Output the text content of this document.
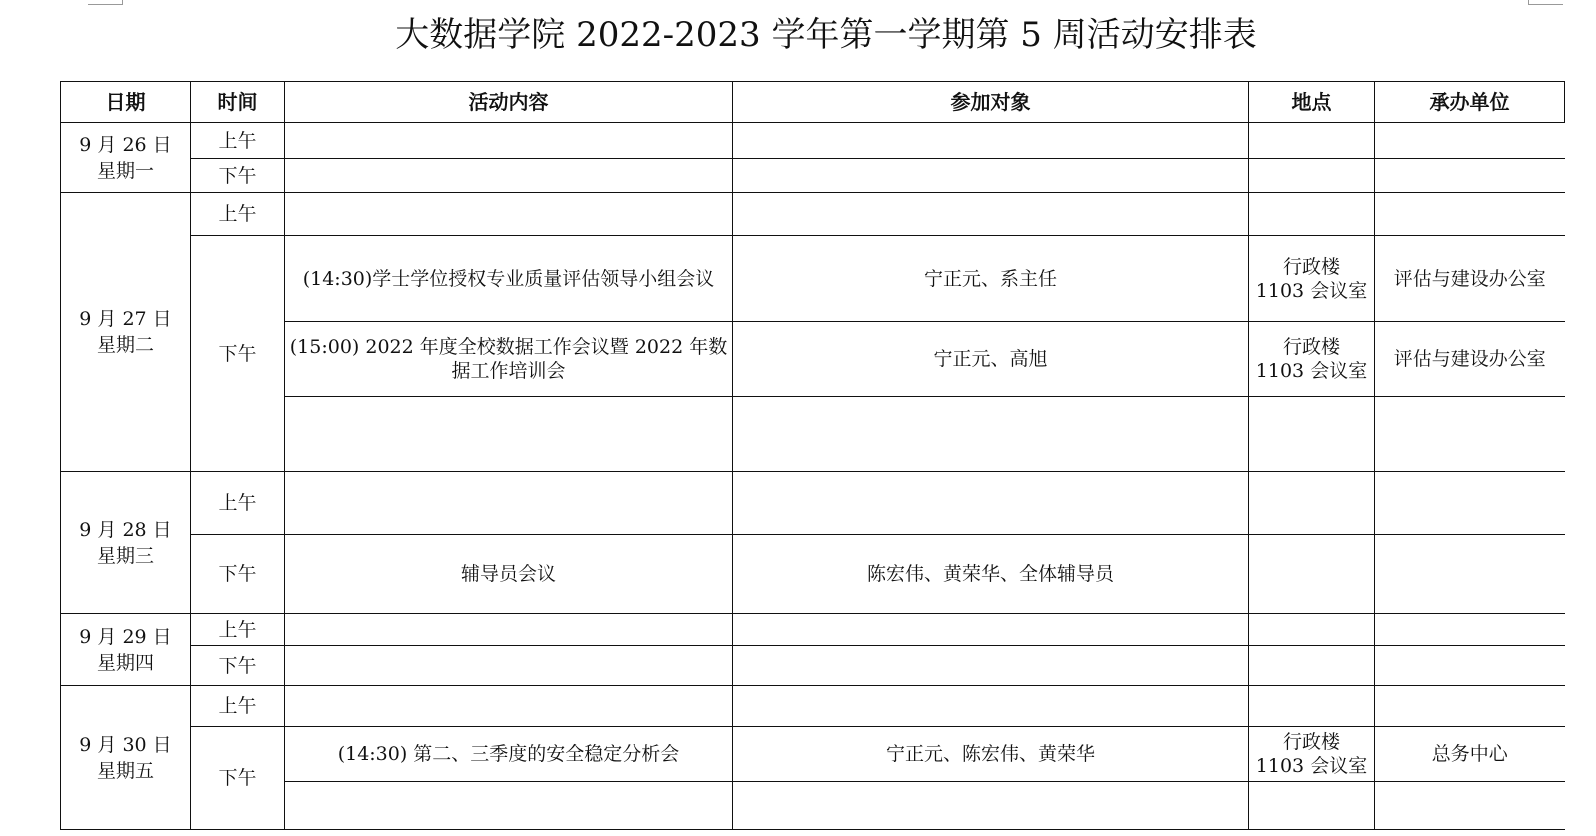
大数据学院 2022-2023 学年第一学期第 5 周活动安排表
日期	时间	活动内容	参加对象	地点	承办单位

9 月 26 日
星期一	上午				
	下午				

9 月 27 日
星期二	上午				
	下午	(14:30)学士学位授权专业质量评估领导小组会议	宁正元、系主任	行政楼
1103 会议室	评估与建设办公室
		(15:00) 2022 年度全校数据工作会议暨 2022 年数据工作培训会	宁正元、高旭	行政楼
1103 会议室	评估与建设办公室

9 月 28 日
星期三	上午				
	下午	辅导员会议	陈宏伟、黄荣华、全体辅导员		

9 月 29 日
星期四	上午				
	下午				

9 月 30 日
星期五	上午				
	下午	(14:30) 第二、三季度的安全稳定分析会	宁正元、陈宏伟、黄荣华	行政楼
1103 会议室	总务中心
